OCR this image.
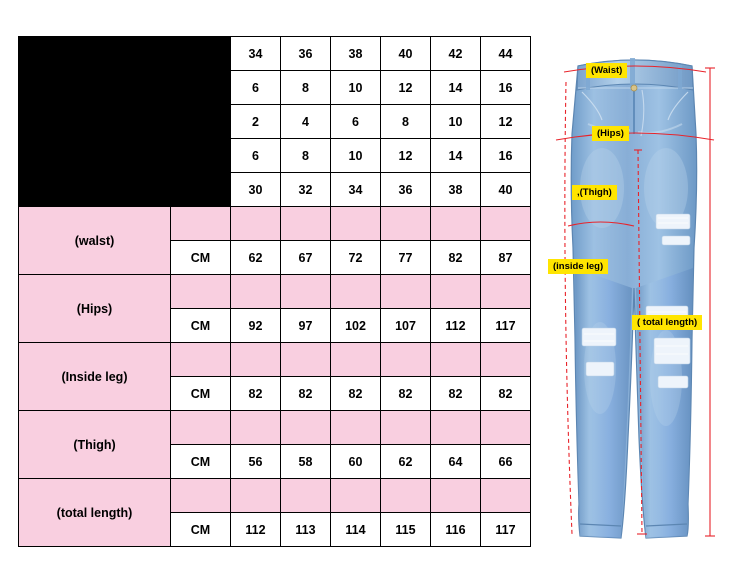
EUROPE		34	36	38	40	42	44
UK		6	8	10	12	14	16
USA/CANADA		2	4	6	8	10	12
AUSTRALIA/NEALANC		6	8	10	12	14	16
SCANDINAVIAN		30	32	34	36	38	40
(walst)							
	CM	62	67	72	77	82	87
(Hips)							
	CM	92	97	102	107	112	117
(Inside leg)							
	CM	82	82	82	82	82	82
(Thigh)							
	CM	56	58	60	62	64	66
(total length)							
	CM	112	113	114	115	116	117
(Waist)
(Hips)
,(Thigh)
(inside leg)
( total length)
